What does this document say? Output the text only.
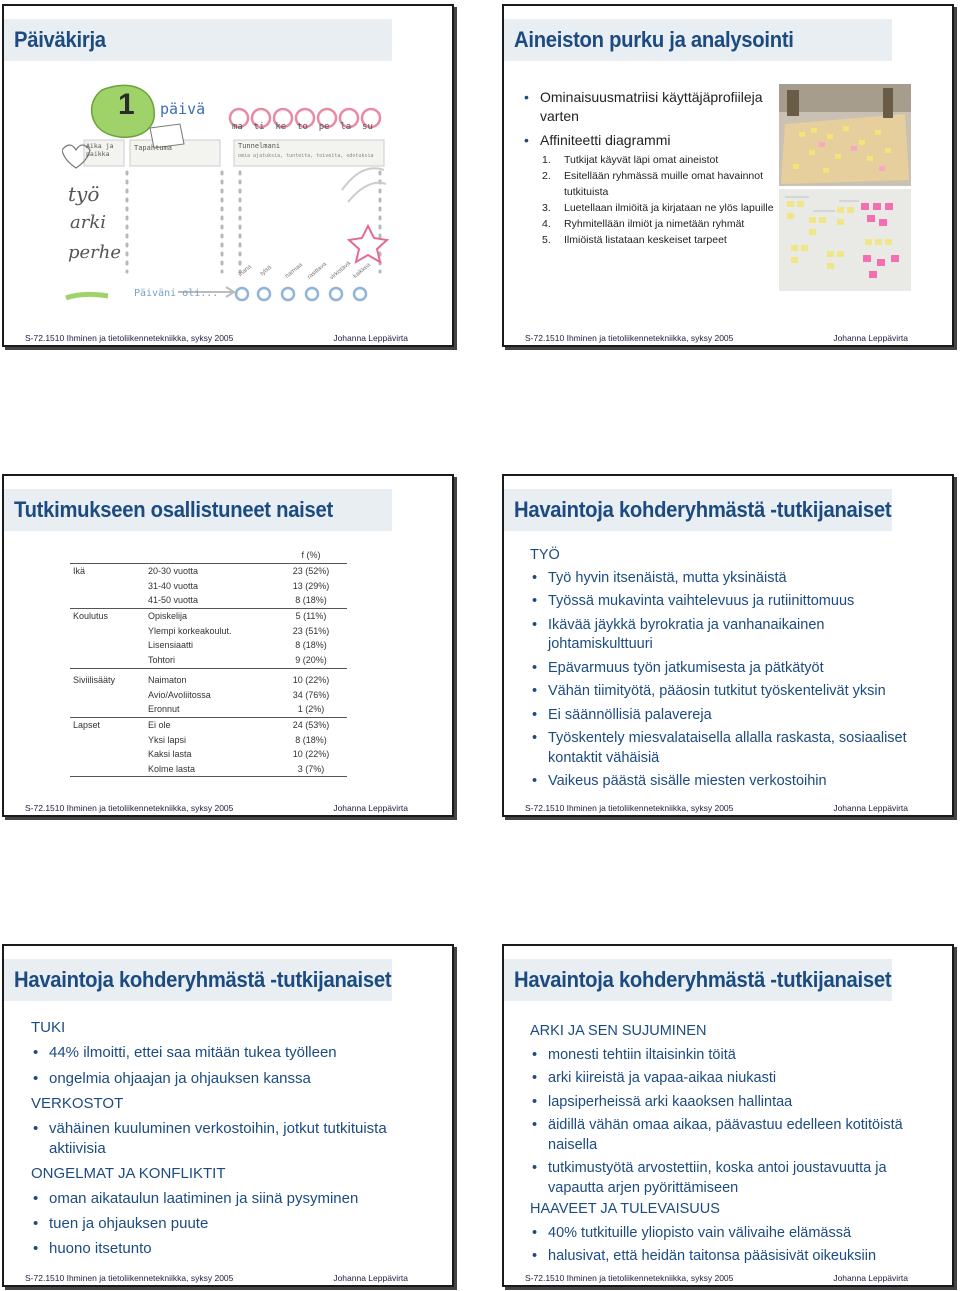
Päiväkirja
1 päivä
ma  ti  ke  to  pe  la  su
Aika ja paikka
Tapahtuma	Tunnelmani
omia ajatuksia, tunteita, toiveita, odotuksia
työ
arki
perhe
Päiväni oli...
ihana tylsä harmaa rasittava virkistävä kaikkea
S-72.1510 Ihminen ja tietoliikennetekniikka, syksy 2005	Johanna Leppävirta
Aineiston purku ja analysointi
• Ominaisuusmatriisi käyttäjäprofiileja varten
• Affiniteetti diagrammi
1. Tutkijat käyvät läpi omat aineistot
2. Esitellään ryhmässä muille omat havainnot tutkituista
3. Luetellaan ilmiöitä ja kirjataan ne ylös lapuille
4. Ryhmitellään ilmiöt ja nimetään ryhmät
5. Ilmiöistä listataan keskeiset tarpeet
S-72.1510 Ihminen ja tietoliikennetekniikka, syksy 2005	Johanna Leppävirta
Tutkimukseen osallistuneet naiset
		f (%)
Ikä	20-30 vuotta	23 (52%)
	31-40 vuotta	13 (29%)
	41-50 vuotta	8 (18%)
Koulutus	Opiskelija	5 (11%)
	Ylempi korkeakoulut.	23 (51%)
	Lisensiaatti	8 (18%)
	Tohtori	9 (20%)
Siviilisääty	Naimaton	10 (22%)
	Avio/Avoliitossa	34 (76%)
	Eronnut	1 (2%)
Lapset	Ei ole	24 (53%)
	Yksi lapsi	8 (18%)
	Kaksi lasta	10 (22%)
	Kolme lasta	3 (7%)
S-72.1510 Ihminen ja tietoliikennetekniikka, syksy 2005	Johanna Leppävirta
Havaintoja kohderyhmästä -tutkijanaiset
TYÖ
• Työ hyvin itsenäistä, mutta yksinäistä
• Työssä mukavinta vaihtelevuus ja rutiinittomuus
• Ikävää jäykkä byrokratia ja vanhanaikainen johtamiskulttuuri
• Epävarmuus työn jatkumisesta ja pätkätyöt
• Vähän tiimityötä, pääosin tutkitut työskentelivät yksin
• Ei säännöllisiä palavereja
• Työskentely miesvalataisella allalla raskasta, sosiaaliset kontaktit vähäisiä
• Vaikeus päästä sisälle miesten verkostoihin
S-72.1510 Ihminen ja tietoliikennetekniikka, syksy 2005	Johanna Leppävirta
Havaintoja kohderyhmästä -tutkijanaiset
TUKI
• 44% ilmoitti, ettei saa mitään tukea työlleen
• ongelmia ohjaajan ja ohjauksen kanssa
VERKOSTOT
• vähäinen kuuluminen verkostoihin, jotkut tutkituista aktiivisia
ONGELMAT JA KONFLIKTIT
• oman aikataulun laatiminen ja siinä pysyminen
• tuen ja ohjauksen puute
• huono itsetunto
S-72.1510 Ihminen ja tietoliikennetekniikka, syksy 2005	Johanna Leppävirta
Havaintoja kohderyhmästä -tutkijanaiset
ARKI JA SEN SUJUMINEN
• monesti tehtiin iltaisinkin töitä
• arki kiireistä ja vapaa-aikaa niukasti
• lapsiperheissä arki kaaoksen hallintaa
• äidillä vähän omaa aikaa, päävastuu edelleen kotitöistä naisella
• tutkimustyötä arvostettiin, koska antoi joustavuutta ja vapautta arjen pyörittämiseen
HAAVEET JA TULEVAISUUS
• 40% tutkituille yliopisto vain välivaihe elämässä
• halusivat, että heidän taitonsa pääsisivät oikeuksiin
S-72.1510 Ihminen ja tietoliikennetekniikka, syksy 2005	Johanna Leppävirta
